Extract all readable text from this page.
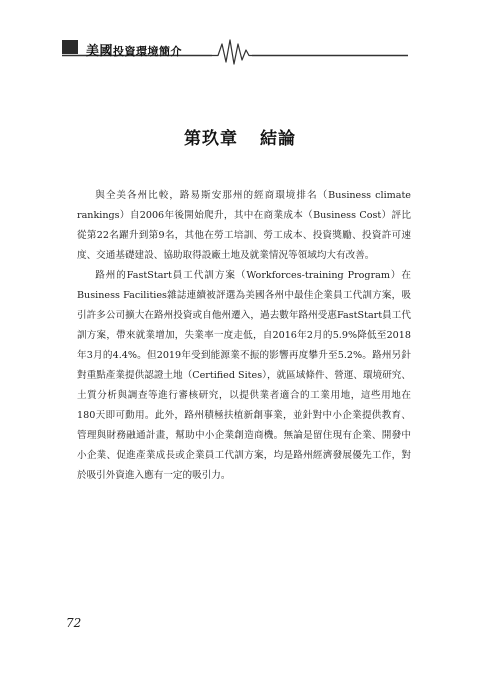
美國投資環境簡介
第玖章 結論

與全美各州比較，路易斯安那州的經商環境排名（Business climate rankings）自2006年後開始爬升，其中在商業成本（Business Cost）評比從第22名躍升到第9名，其他在勞工培訓、勞工成本、投資獎勵、投資許可速度、交通基礎建設、協助取得設廠土地及就業情況等領域均大有改善。

路州的FastStart員工代訓方案（Workforces-training Program）在Business Facilities雜誌連續被評選為美國各州中最佳企業員工代訓方案，吸引許多公司擴大在路州投資或自他州遷入，過去數年路州受惠FastStart員工代訓方案，帶來就業增加，失業率一度走低，自2016年2月的5.9%降低至2018年3月的4.4%。但2019年受到能源業不振的影響再度攀升至5.2%。路州另針對重點產業提供認證土地（Certified Sites），就區域條件、營運、環境研究、土質分析與調查等進行審核研究，以提供業者適合的工業用地，這些用地在180天即可動用。此外，路州積極扶植新創事業，並針對中小企業提供教育、管理與財務融通計畫，幫助中小企業創造商機。無論是留住現有企業、開發中小企業、促進產業成長或企業員工代訓方案，均是路州經濟發展優先工作，對於吸引外資進入應有一定的吸引力。

72
